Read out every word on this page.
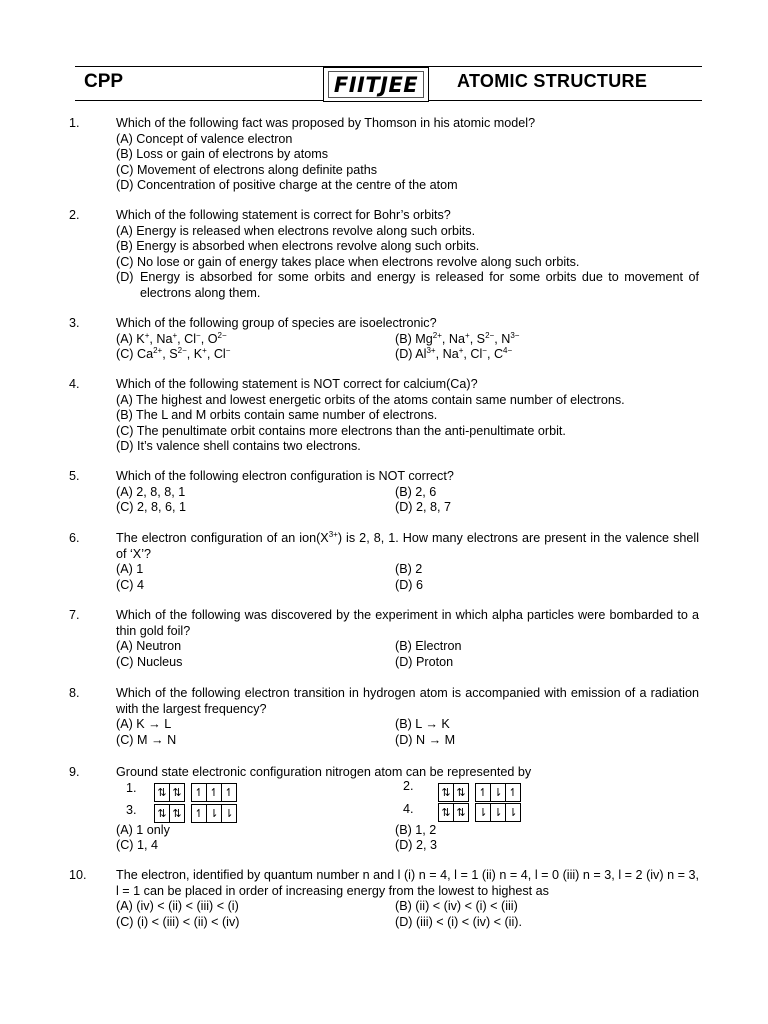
CPP	FIITJEE	ATOMIC STRUCTURE
1.	Which of the following fact was proposed by Thomson in his atomic model?
(A) Concept of valence electron
(B) Loss or gain of electrons by atoms
(C) Movement of electrons along definite paths
(D) Concentration of positive charge at the centre of the atom
2.	Which of the following statement is correct for Bohr’s orbits?
(A) Energy is released when electrons revolve along such orbits.
(B) Energy is absorbed when electrons revolve along such orbits.
(C) No lose or gain of energy takes place when electrons revolve along such orbits.
(D) Energy is absorbed for some orbits and energy is released for some orbits due to movement of electrons along them.
3.	Which of the following group of species are isoelectronic?
(A) K+, Na+, Cl−, $O^{2-}$	(B) $Mg^{2+}$, Na+, $S^{2-}$, $N^{3-}$
(C) $Ca^{2+}$, $S^{2-}$, K+, Cl−	(D) $Al^{3+}$, Na+, Cl−, $C^{4-}$
4.	Which of the following statement is NOT correct for calcium(Ca)?
(A) The highest and lowest energetic orbits of the atoms contain same number of electrons.
(B) The L and M orbits contain same number of electrons.
(C) The penultimate orbit contains more electrons than the anti-penultimate orbit.
(D) It’s valence shell contains two electrons.
5.	Which of the following electron configuration is NOT correct?
(A) 2, 8, 8, 1	(B) 2, 6
(C) 2, 8, 6, 1	(D) 2, 8, 7
6.	The electron configuration of an $ion(X^{3+})$ is 2, 8, 1. How many electrons are present in the valence shell of ‘X’?
(A) 1	(B) 2
(C) 4	(D) 6
7.	Which of the following was discovered by the experiment in which alpha particles were bombarded to a thin gold foil?
(A) Neutron	(B) Electron
(C) Nucleus	(D) Proton
8.	Which of the following electron transition in hydrogen atom is accompanied with emission of a radiation with the largest frequency?
(A) K → L	(B) L → K
(C) M → N	(D) N → M
9.	Ground state electronic configuration nitrogen atom can be represented by
1.	⇅ ⇅	↿ ↿ ↿	2.	⇅ ⇅	↿ ⇂ ↿
3.	⇅ ⇅	↿ ⇂ ⇂	4.	⇅ ⇅	⇂ ⇂ ⇂
(A) 1 only	(B) 1, 2
(C) 1, 4	(D) 2, 3
10. The electron, identified by quantum number n and l (i) n = 4, l = 1 (ii) n = 4, l = 0 (iii) n = 3, l = 2 (iv) n = 3, l = 1 can be placed in order of increasing energy from the lowest to highest as
(A) (iv) < (ii) < (iii) < (i)	(B) (ii) < (iv) < (i) < (iii)
(C) (i) < (iii) < (ii) < (iv)	(D) (iii) < (i) < (iv) < (ii).
